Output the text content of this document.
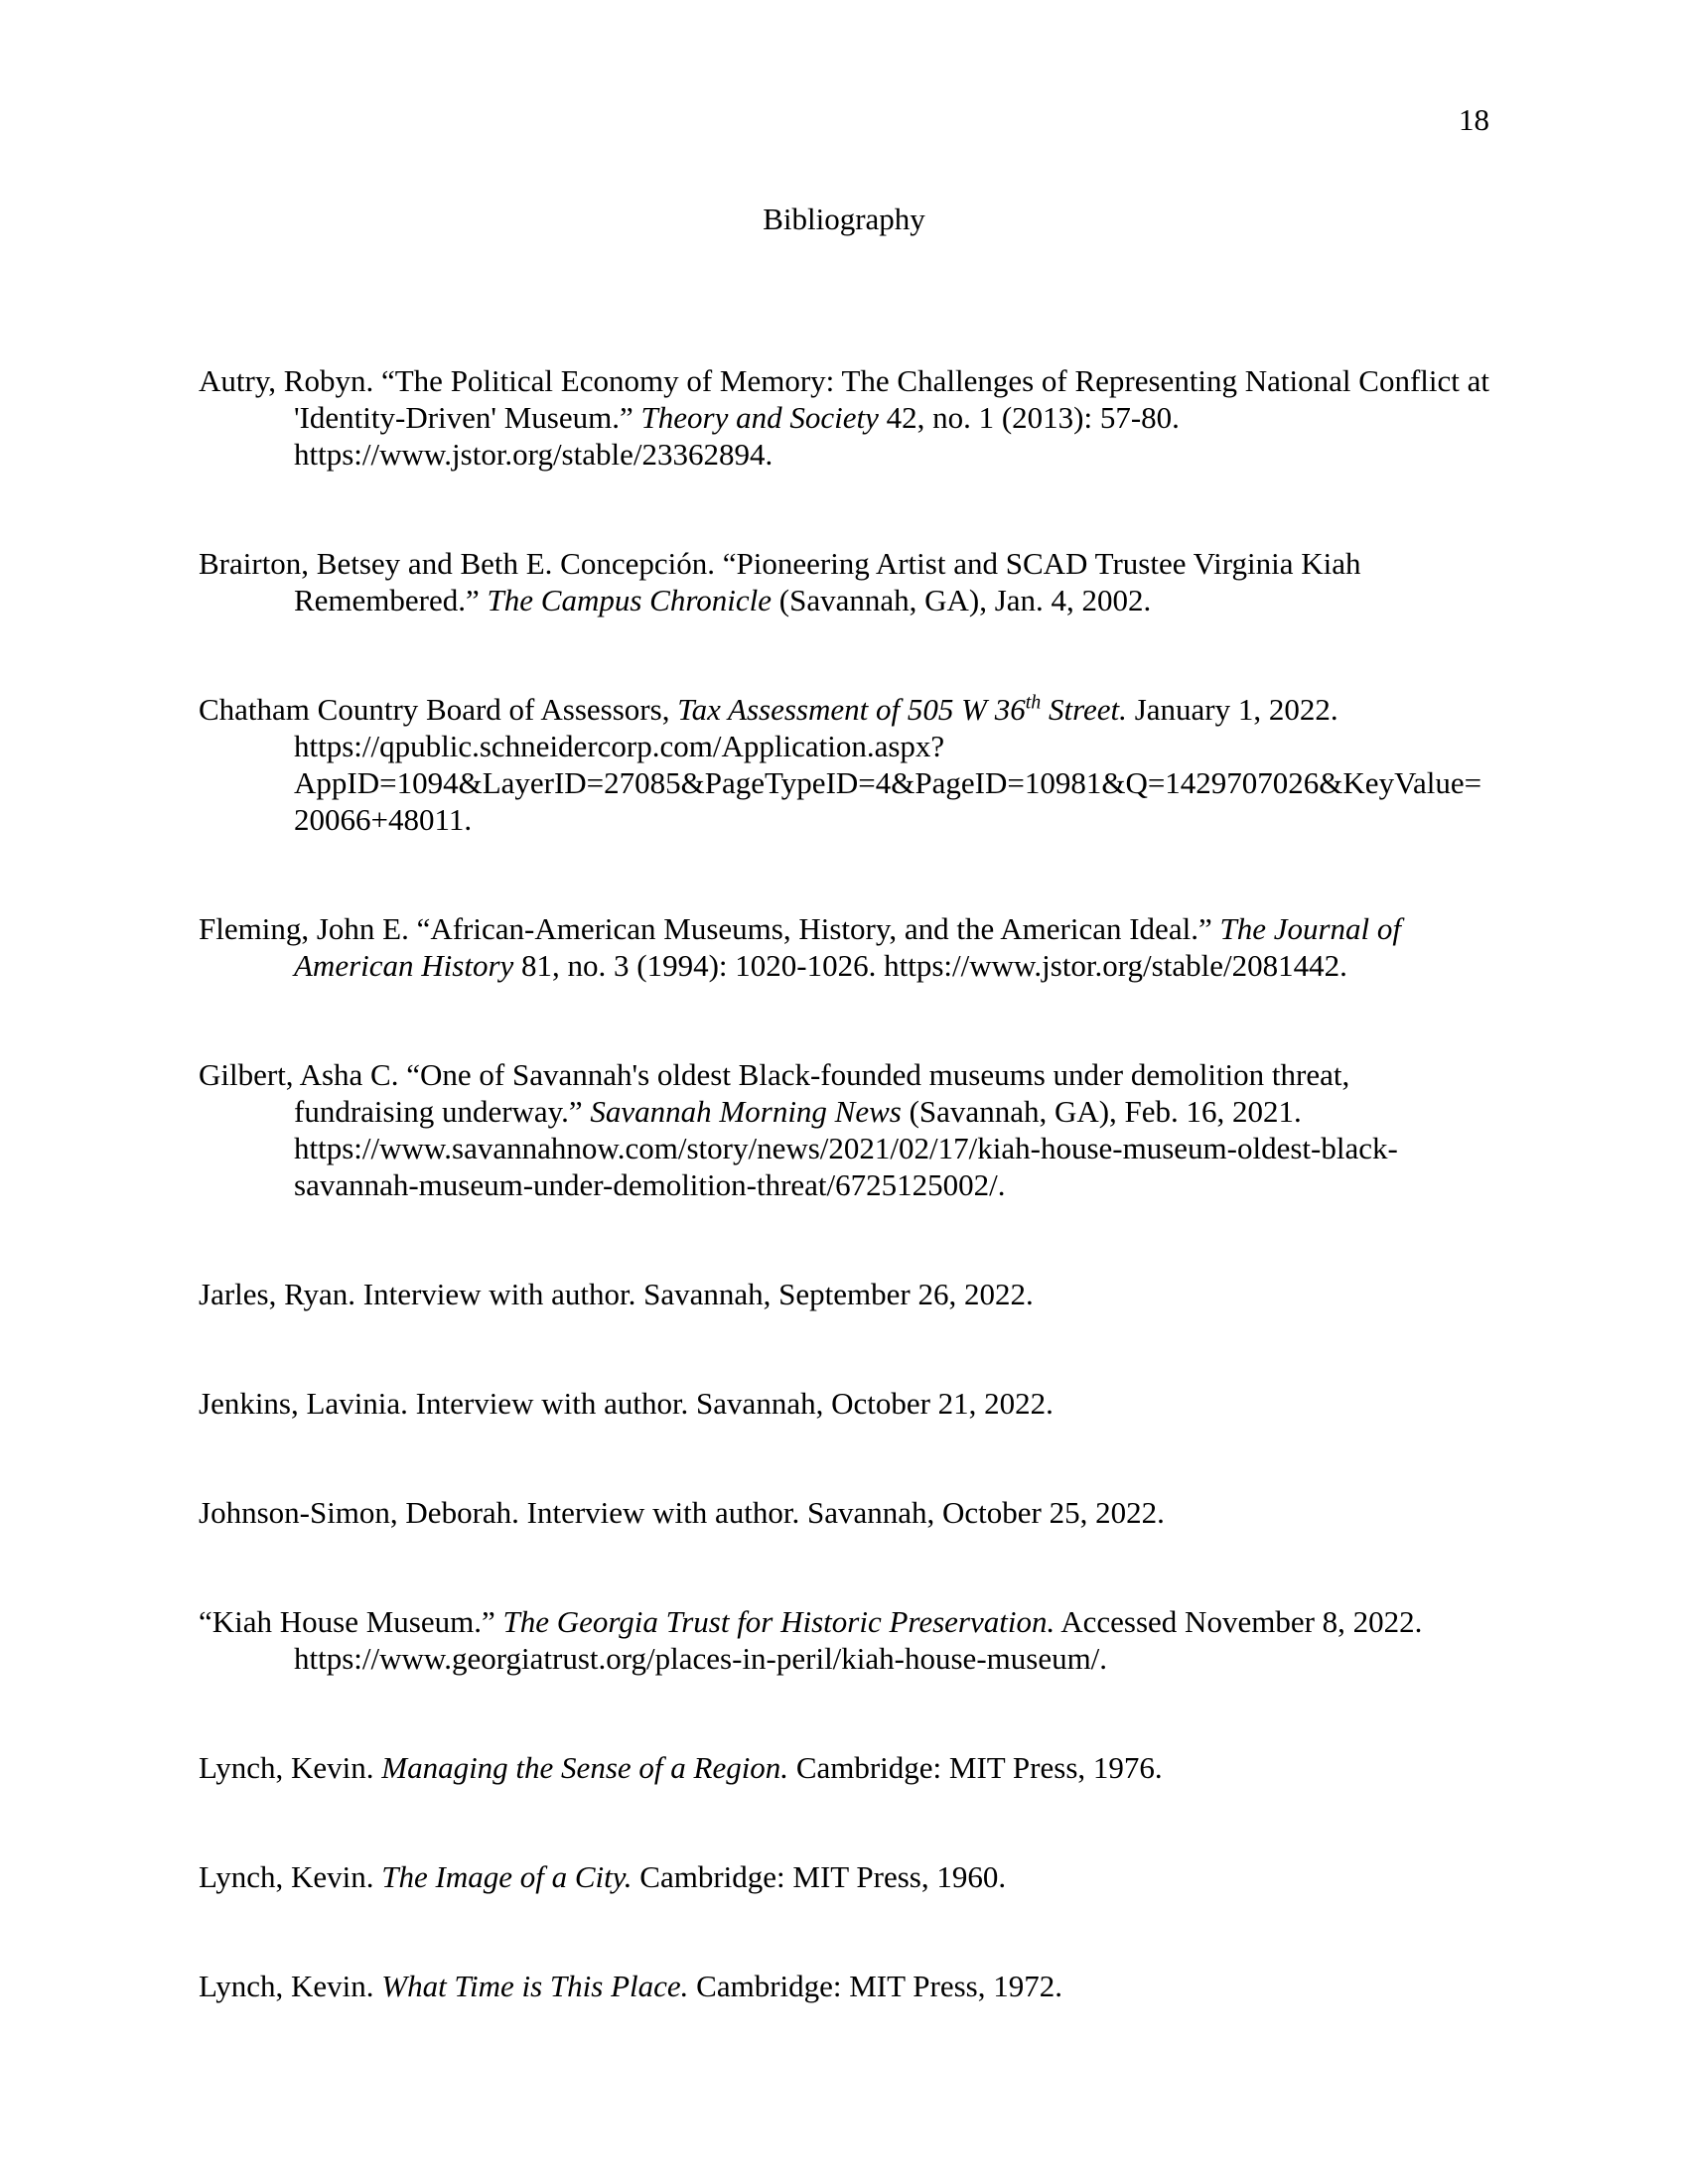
18
Bibliography
Autry, Robyn. “The Political Economy of Memory: The Challenges of Representing National Conflict at 'Identity-Driven' Museum.” Theory and Society 42, no. 1 (2013): 57-80. https://www.jstor.org/stable/23362894.
Brairton, Betsey and Beth E. Concepción. “Pioneering Artist and SCAD Trustee Virginia Kiah Remembered.” The Campus Chronicle (Savannah, GA), Jan. 4, 2002.
Chatham Country Board of Assessors, Tax Assessment of 505 W 36th Street. January 1, 2022. https://qpublic.schneidercorp.com/Application.aspx?AppID=1094&LayerID=27085&PageTypeID=4&PageID=10981&Q=1429707026&KeyValue=20066+48011.
Fleming, John E. “African-American Museums, History, and the American Ideal.” The Journal of American History 81, no. 3 (1994): 1020-1026. https://www.jstor.org/stable/2081442.
Gilbert, Asha C. “One of Savannah's oldest Black-founded museums under demolition threat, fundraising underway.” Savannah Morning News (Savannah, GA), Feb. 16, 2021. https://www.savannahnow.com/story/news/2021/02/17/kiah-house-museum-oldest-black-savannah-museum-under-demolition-threat/6725125002/.
Jarles, Ryan. Interview with author. Savannah, September 26, 2022.
Jenkins, Lavinia. Interview with author. Savannah, October 21, 2022.
Johnson-Simon, Deborah. Interview with author. Savannah, October 25, 2022.
“Kiah House Museum.” The Georgia Trust for Historic Preservation. Accessed November 8, 2022. https://www.georgiatrust.org/places-in-peril/kiah-house-museum/.
Lynch, Kevin. Managing the Sense of a Region. Cambridge: MIT Press, 1976.
Lynch, Kevin. The Image of a City. Cambridge: MIT Press, 1960.
Lynch, Kevin. What Time is This Place. Cambridge: MIT Press, 1972.
